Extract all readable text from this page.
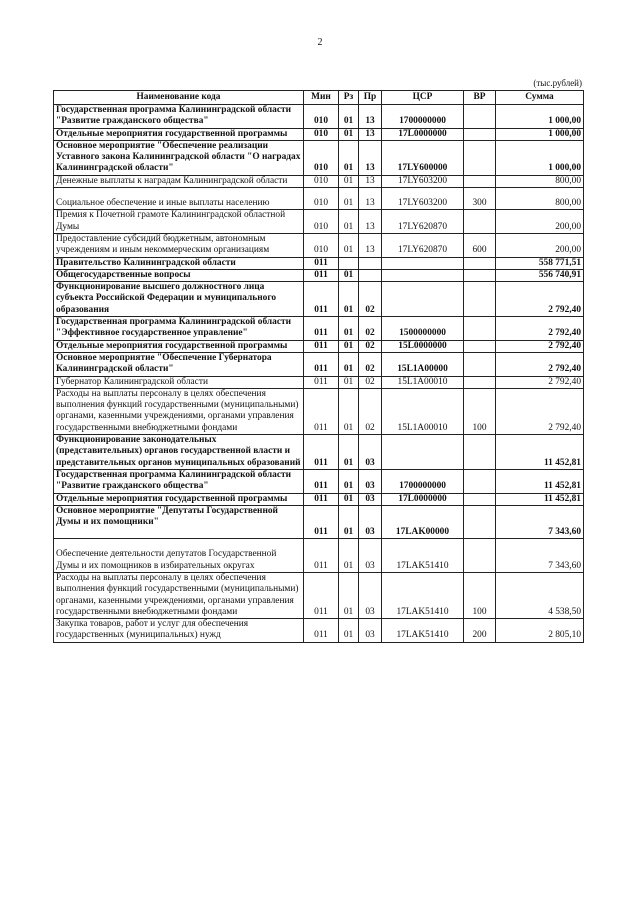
2
(тыс.рублей)
Наименование кода	Мин	Рз	Пр	ЦСР	ВР	Сумма
Государственная программа Калининградской области "Развитие гражданского общества"	010	01	13	1700000000		1 000,00
Отдельные мероприятия государственной программы	010	01	13	17L0000000		1 000,00
Основное мероприятие "Обеспечение реализации Уставного закона Калининградской области "О наградах Калининградской области"	010	01	13	17LY600000		1 000,00
Денежные выплаты к наградам Калининградской области	010	01	13	17LY603200		800,00
Социальное обеспечение и иные выплаты населению	010	01	13	17LY603200	300	800,00
Премия к Почетной грамоте Калининградской областной Думы	010	01	13	17LY620870		200,00
Предоставление субсидий бюджетным, автономным учреждениям и иным некоммерческим организациям	010	01	13	17LY620870	600	200,00
Правительство Калининградской области	011					558 771,51
Общегосударственные вопросы	011	01				556 740,91
Функционирование высшего должностного лица субъекта Российской Федерации и муниципального образования	011	01	02			2 792,40
Государственная программа Калининградской области "Эффективное государственное управление"	011	01	02	1500000000		2 792,40
Отдельные мероприятия государственной программы	011	01	02	15L0000000		2 792,40
Основное мероприятие "Обеспечение Губернатора Калининградской области"	011	01	02	15L1A00000		2 792,40
Губернатор Калининградской области	011	01	02	15L1A00010		2 792,40
Расходы на выплаты персоналу в целях обеспечения выполнения функций государственными (муниципальными) органами, казенными учреждениями, органами управления государственными внебюджетными фондами	011	01	02	15L1A00010	100	2 792,40
Функционирование законодательных (представительных) органов государственной власти и представительных органов муниципальных образований	011	01	03			11 452,81
Государственная программа Калининградской области "Развитие гражданского общества"	011	01	03	1700000000		11 452,81
Отдельные мероприятия государственной программы	011	01	03	17L0000000		11 452,81
Основное мероприятие "Депутаты Государственной Думы и их помощники"	011	01	03	17LAK00000		7 343,60
Обеспечение деятельности депутатов Государственной Думы и их помощников в избирательных округах	011	01	03	17LAK51410		7 343,60
Расходы на выплаты персоналу в целях обеспечения выполнения функций государственными (муниципальными) органами, казенными учреждениями, органами управления государственными внебюджетными фондами	011	01	03	17LAK51410	100	4 538,50
Закупка товаров, работ и услуг для обеспечения государственных (муниципальных) нужд	011	01	03	17LAK51410	200	2 805,10
